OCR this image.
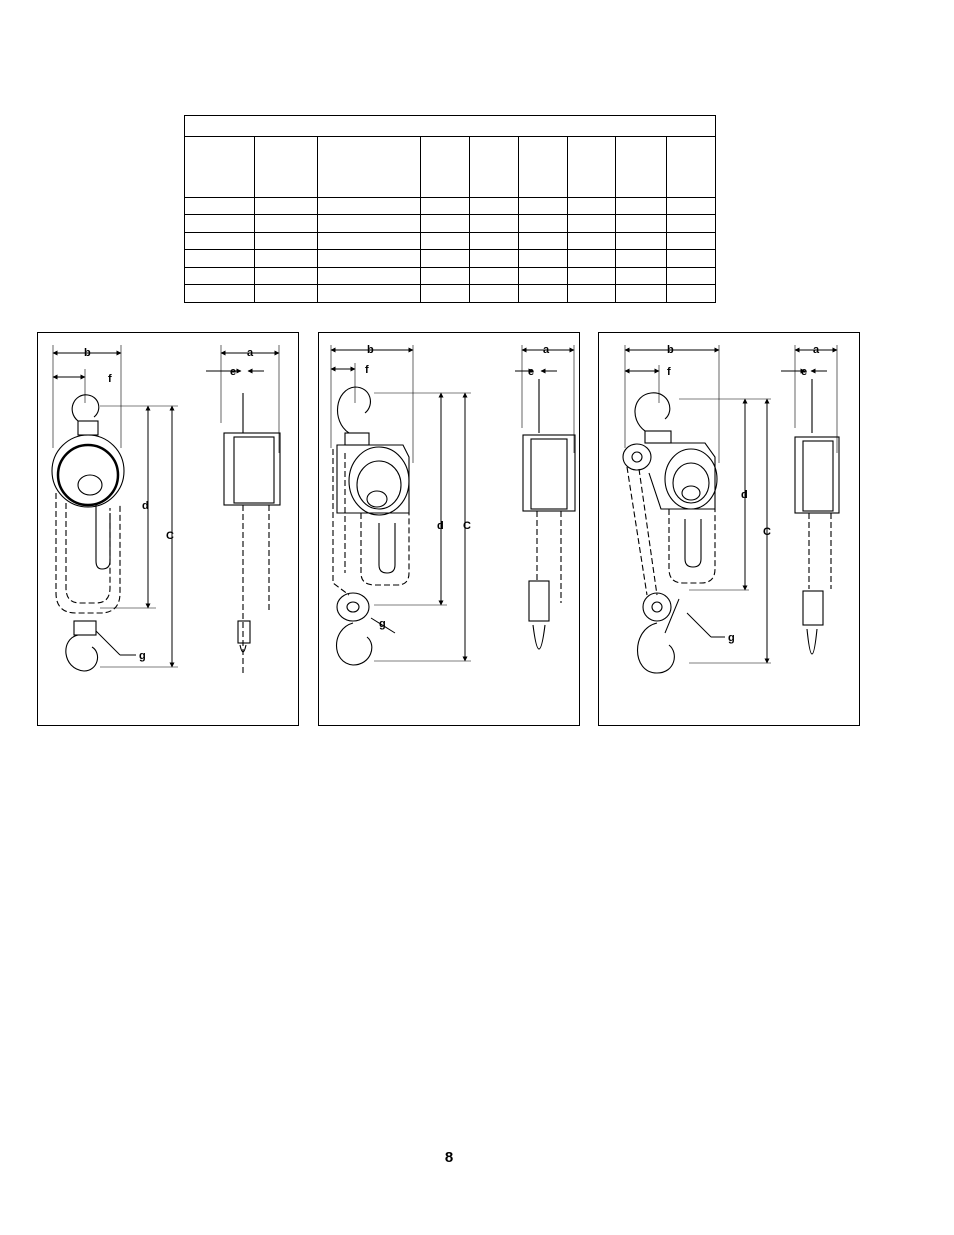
b
f
d
C
g
a
e
b
f
d C
g
a
e
b
f
d
C
g
a
e
8
